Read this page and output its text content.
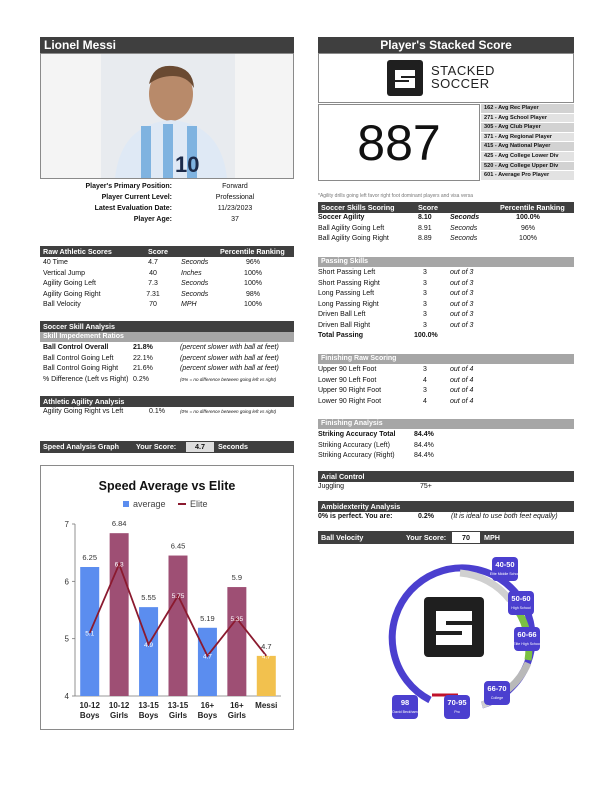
Lionel Messi
10
Player's Primary Position:	Forward
Player Current Level:	Professional
Latest Evaluation Date:	11/23/2023
Player Age:	37
Raw Athletic Scores	Score	Percentile Ranking
40 Time	4.7	Seconds	96%
Vertical Jump	40	Inches	100%
Agility Going Left	7.3	Seconds	100%
Agility Going Right	7.31	Seconds	98%
Ball Velocity	70	MPH	100%
Soccer Skill Analysis
Skill Impedement Ratios
Ball Control Overall	21.8%	(percent slower with ball at feet)
Ball Control Going Left	22.1%	(percent slower with ball at feet)
Ball Control Going Right 21.6%	(percent slower with ball at feet)
% Difference (Left vs Right) 0.2%	(0% = no difference between going left vs right)
Athletic Agility Analysis
Agility Going Right vs Left	0.1%	(0% = no difference between going left vs right)
Speed Analysis Graph Your Score:	4.7	Seconds
Speed Average vs Elite
average	Elite
4
5
6
7
6.25
10-12
Boys
6.84
10-12
Girls
5.55
13-15
Boys
6.45
13-15
Girls
5.19
16+
Boys
5.9
16+
Girls
4.7
Messi
5.1
6.3
4.9
5.75
4.7
5.35
4.7
Player's Stacked Score
STACKED
SOCCER
887
162 - Avg Rec Player
271 - Avg School Player
305 - Avg Club Player
371 - Avg Regional Player
415 - Avg National Player
425 - Avg College Lower Div
520 - Avg College Upper Div
601 - Average Pro Player
*Agility drills going left favor right foot dominant players and visa versa
Soccer Skills Scoring	Score	Percentile Ranking
Soccer Agility	8.10	Seconds	100.0%
Ball Agility Going Left	8.91	Seconds	96%
Ball Agility Going Right	8.89	Seconds	100%
Passing Skills
Short Passing Left	3	out of 3
Short Passing Right	3	out of 3
Long Passing Left	3	out of 3
Long Passing Right	3	out of 3
Driven Ball Left	3	out of 3
Driven Ball Right	3	out of 3
Total Passing	100.0%
Finishing Raw Scoring
Upper 90 Left Foot	3	out of 4
Lower 90 Left Foot	4	out of 4
Upper 90 Right Foot	3	out of 4
Lower 90 Right Foot	4	out of 4
Finishing Analysis
Striking Accuracy Total	84.4%
Striking Accuracy (Left)	84.4%
Striking Accuracy (Right)	84.4%
Arial Control
Juggling	75+
Ambidexterity Analysis
0% is perfect. You are:	0.2% (It is ideal to use both feet equally)
Ball Velocity	Your Score:	70	MPH
40-50
Elite Middle School
50-60
High School
60-66
Elite High School
66-70
College
70-95
Pro
98
David Beckham
